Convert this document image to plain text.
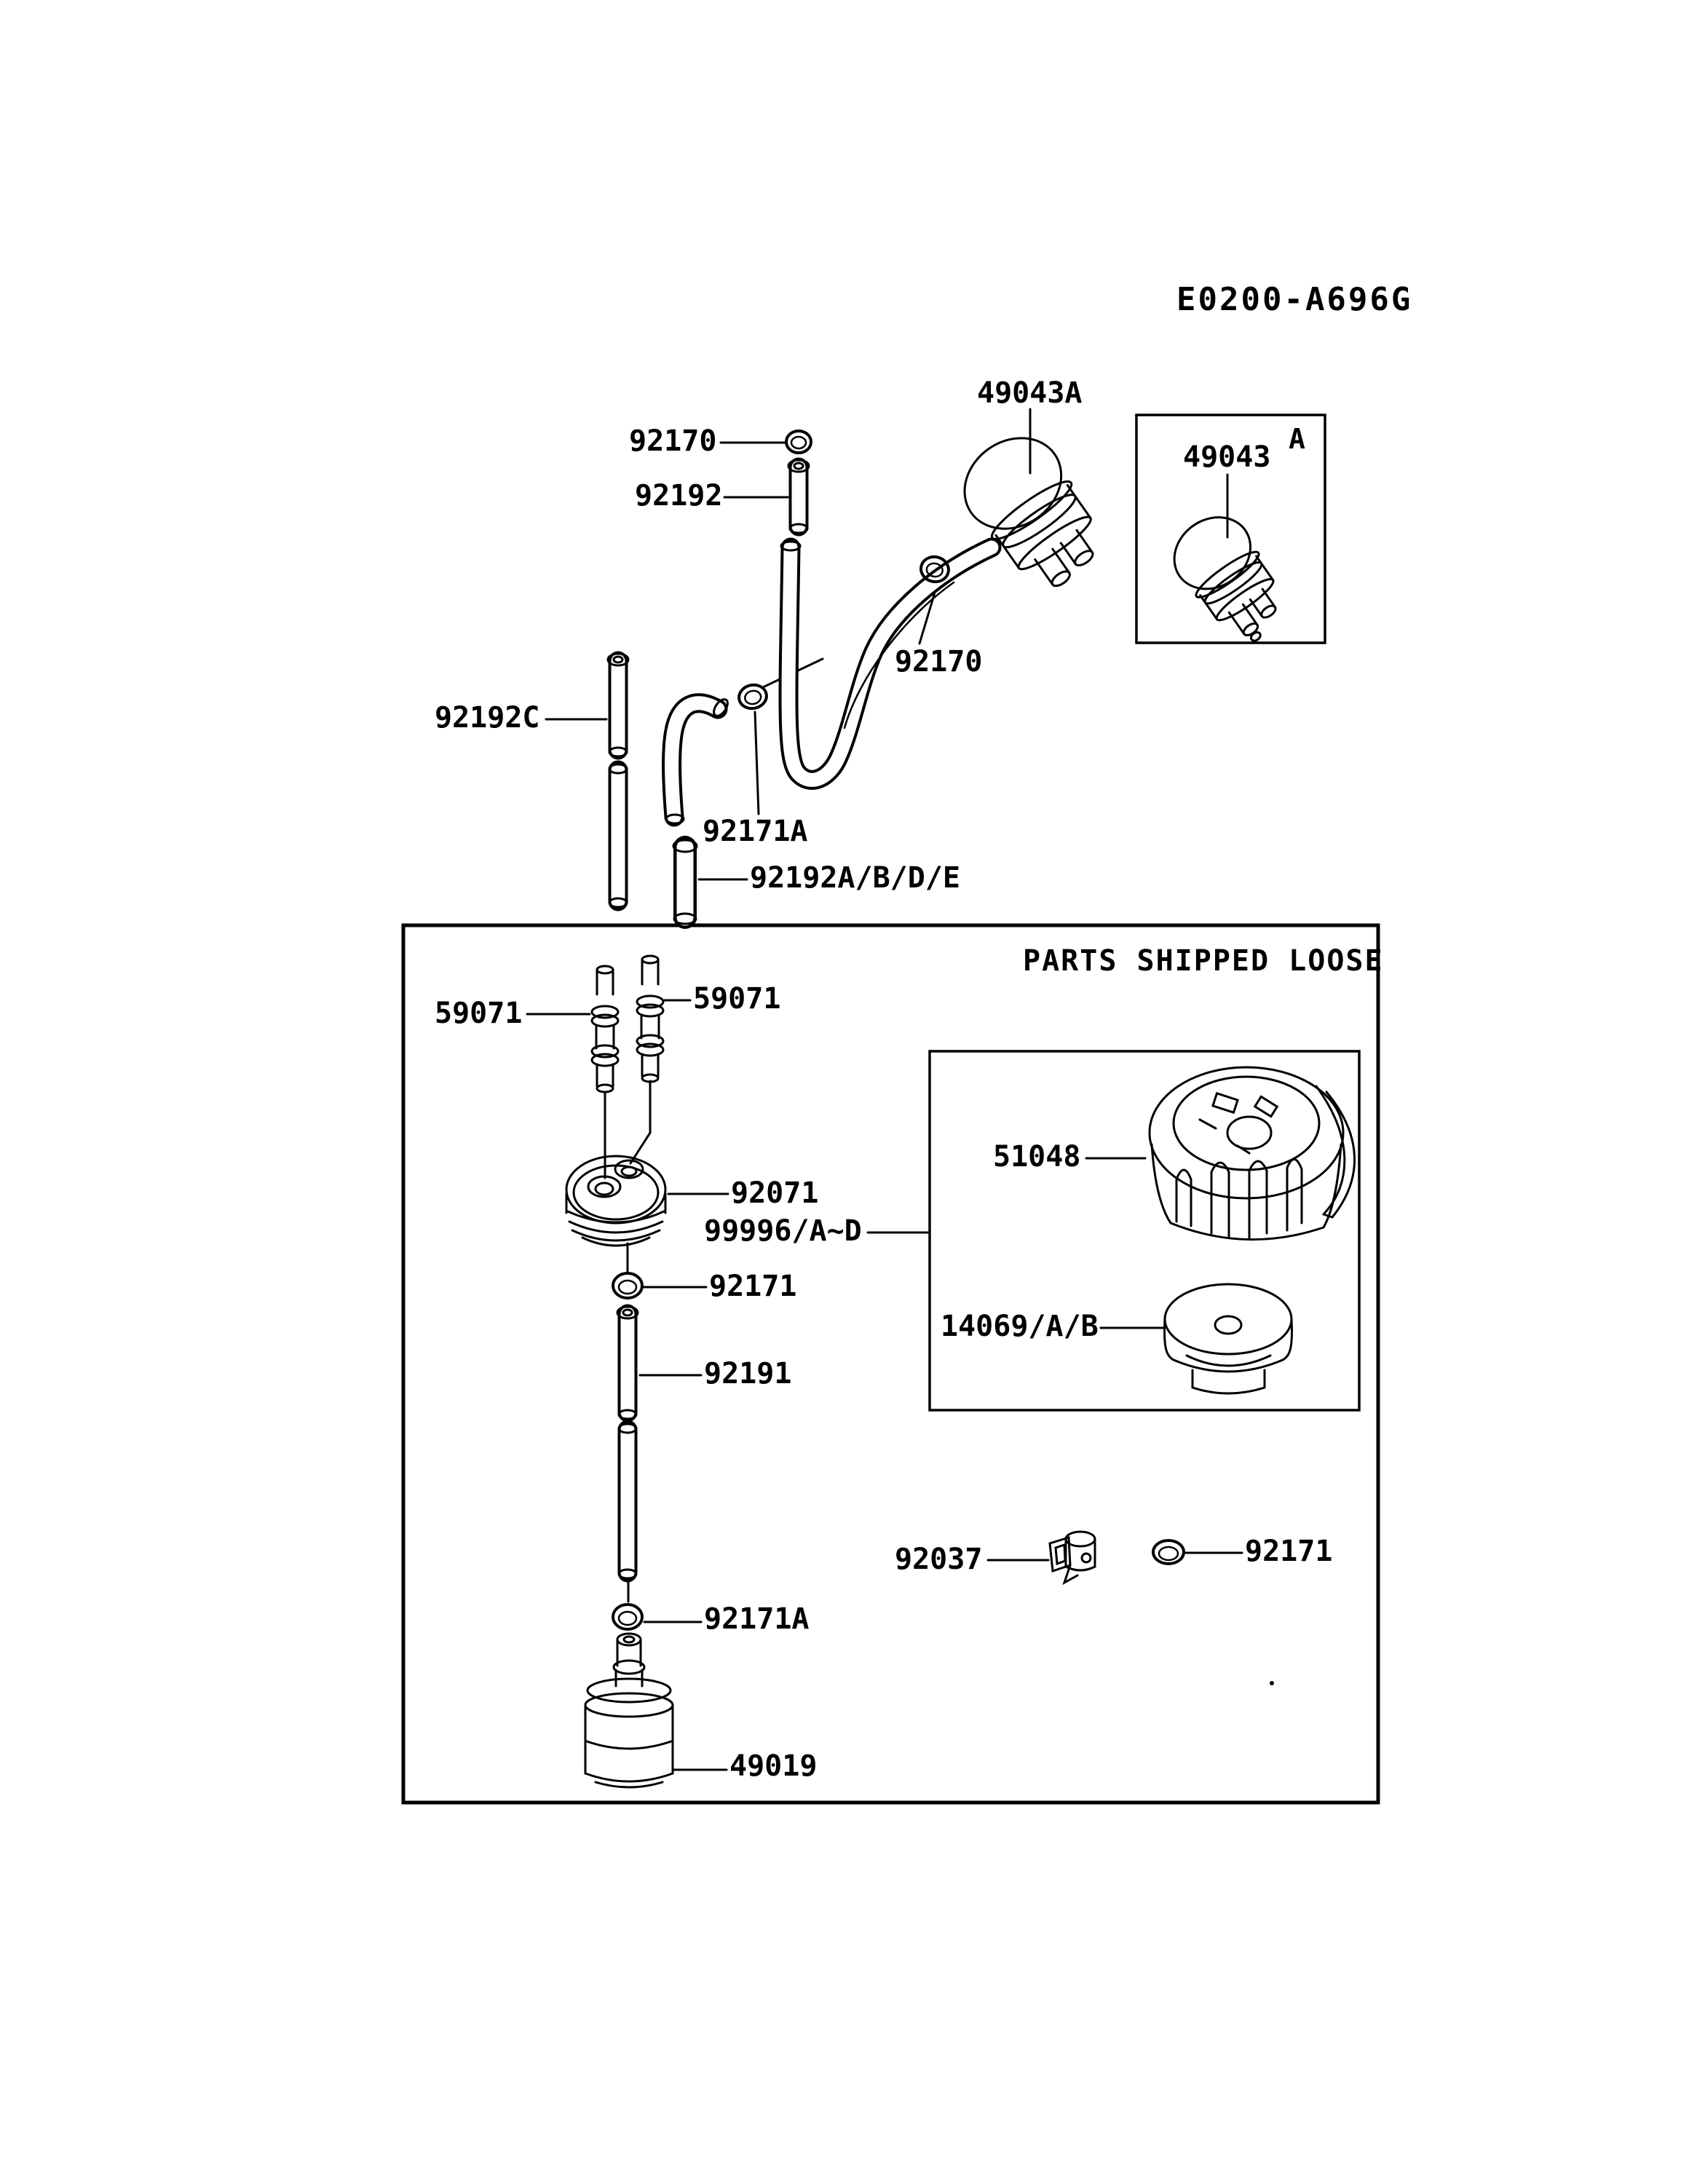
E0200-A696G
PARTS SHIPPED LOOSE
A
49043A
92170
92192
49043
92170
92192C
92171A
92192A/B/D/E
59071	59071
92071
99996/A~D
92171
92191
51048
14069/A/B
92037	92171
92171A
49019
